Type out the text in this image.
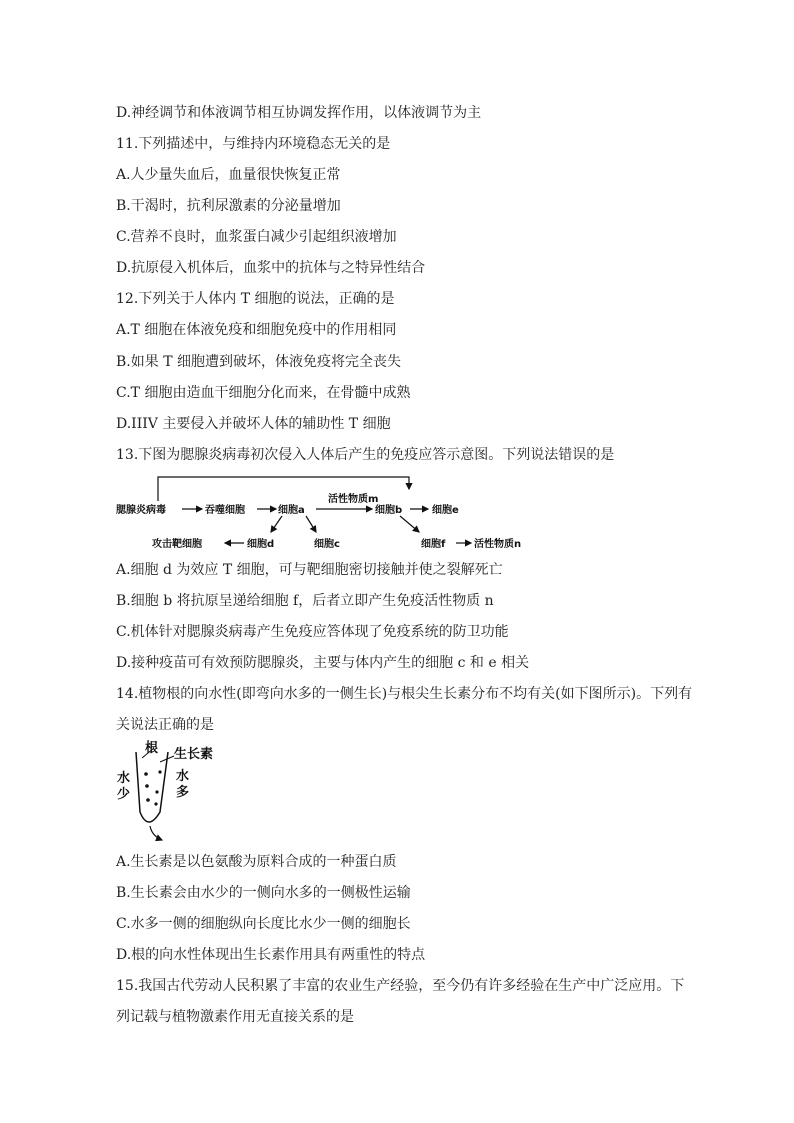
D.神经调节和体液调节相互协调发挥作用，以体液调节为主
11.下列描述中，与维持内环境稳态无关的是
A.人少量失血后，血量很快恢复正常
B.干渴时，抗利尿激素的分泌量增加
C.营养不良时，血浆蛋白减少引起组织液增加
D.抗原侵入机体后，血浆中的抗体与之特异性结合
12.下列关于人体内 T 细胞的说法，正确的是
A.T 细胞在体液免疫和细胞免疫中的作用相同
B.如果 T 细胞遭到破坏，体液免疫将完全丧失
C.T 细胞由造血干细胞分化而来，在骨髓中成熟
D.IIIV 主要侵入并破坏人体的辅助性 T 细胞
13.下图为腮腺炎病毒初次侵入人体后产生的免疫应答示意图。下列说法错误的是
腮腺炎病毒	吞噬细胞	细胞a
活性物质m
细胞b	细胞e
攻击靶细胞	细胞d	细胞c	细胞f	活性物质n
A.细胞 d 为效应 T 细胞，可与靶细胞密切接触并使之裂解死亡
B.细胞 b 将抗原呈递给细胞 f，后者立即产生免疫活性物质 n
C.机体针对腮腺炎病毒产生免疫应答体现了免疫系统的防卫功能
D.接种疫苗可有效预防腮腺炎，主要与体内产生的细胞 c 和 e 相关
14.植物根的向水性(即弯向水多的一侧生长)与根尖生长素分布不均有关(如下图所示)。下列有
关说法正确的是
根 生长素
水
少
水
多
A.生长素是以色氨酸为原料合成的一种蛋白质
B.生长素会由水少的一侧向水多的一侧极性运输
C.水多一侧的细胞纵向长度比水少一侧的细胞长
D.根的向水性体现出生长素作用具有两重性的特点
15.我国古代劳动人民积累了丰富的农业生产经验，至今仍有许多经验在生产中广泛应用。下
列记载与植物激素作用无直接关系的是
